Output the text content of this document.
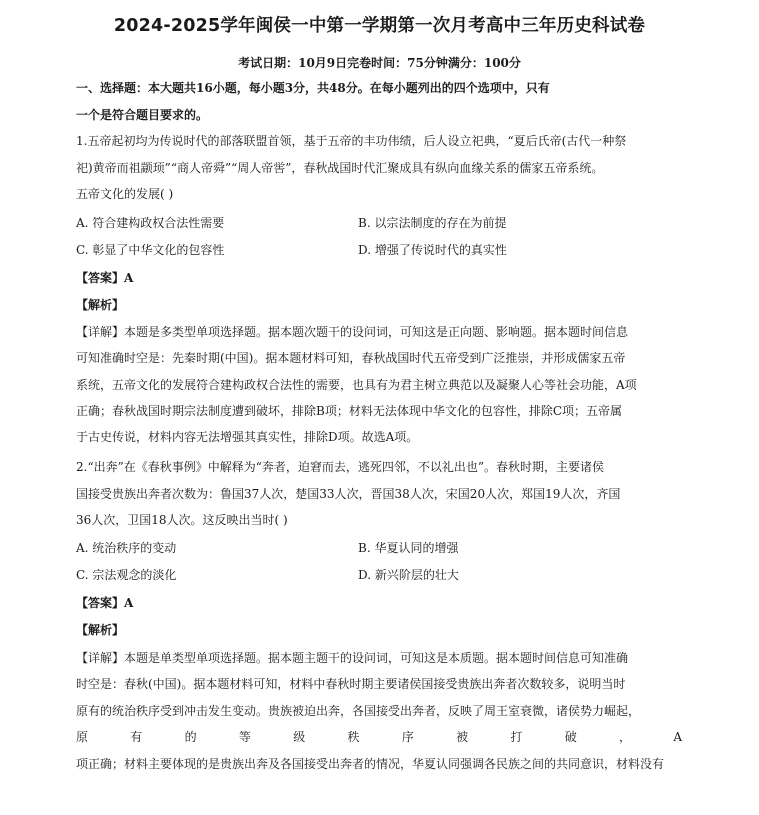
2024-2025学年闽侯一中第一学期第一次月考高中三年历史科试卷
考试日期：10月9日完卷时间：75分钟满分：100分
一、选择题：本大题共16小题，每小题3分，共48分。在每小题列出的四个选项中，只有
一个是符合题目要求的。
1.五帝起初均为传说时代的部落联盟首领，基于五帝的丰功伟绩，后人设立祀典，“夏后氏帝(古代一种祭
祀)黄帝而祖颛顼”“商人帝舜”“周人帝喾”，春秋战国时代汇聚成具有纵向血缘关系的儒家五帝系统。
五帝文化的发展( )
A. 符合建构政权合法性需要	B. 以宗法制度的存在为前提
C. 彰显了中华文化的包容性	D. 增强了传说时代的真实性
【答案】A
【解析】
【详解】本题是多类型单项选择题。据本题次题干的设问词，可知这是正向题、影响题。据本题时间信息
可知准确时空是：先秦时期(中国)。据本题材料可知，春秋战国时代五帝受到广泛推崇，并形成儒家五帝
系统，五帝文化的发展符合建构政权合法性的需要，也具有为君主树立典范以及凝聚人心等社会功能，A项
正确；春秋战国时期宗法制度遭到破坏，排除B项；材料无法体现中华文化的包容性，排除C项；五帝属
于古史传说，材料内容无法增强其真实性，排除D项。故选A项。
2.“出奔”在《春秋事例》中解释为“奔者，迫窘而去，逃死四邻，不以礼出也”。春秋时期，主要诸侯
国接受贵族出奔者次数为：鲁国37人次，楚国33人次，晋国38人次，宋国20人次，郑国19人次，齐国
36人次，卫国18人次。这反映出当时( )
A. 统治秩序的变动	B. 华夏认同的增强
C. 宗法观念的淡化	D. 新兴阶层的壮大
【答案】A
【解析】
【详解】本题是单类型单项选择题。据本题主题干的设问词，可知这是本质题。据本题时间信息可知准确
时空是：春秋(中国)。据本题材料可知，材料中春秋时期主要诸侯国接受贵族出奔者次数较多，说明当时
原有的统治秩序受到冲击发生变动。贵族被迫出奔，各国接受出奔者，反映了周王室衰微，诸侯势力崛起，
原有的等级秩序被打破，A
项正确；材料主要体现的是贵族出奔及各国接受出奔者的情况，华夏认同强调各民族之间的共同意识，材料没有
